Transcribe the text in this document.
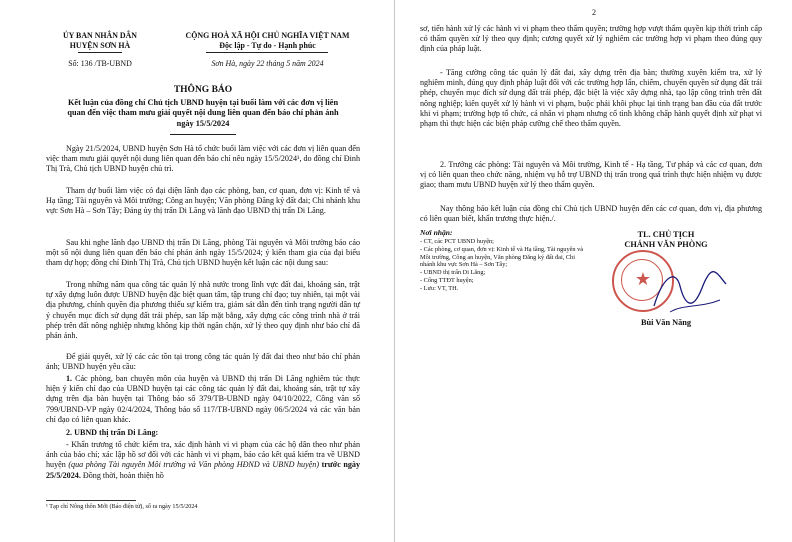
ỦY BAN NHÂN DÂN
HUYỆN SƠN HÀ
Số: 136 /TB-UBND
CỘNG HOÀ XÃ HỘI CHỦ NGHĨA VIỆT NAM
Độc lập - Tự do - Hạnh phúc
Sơn Hà, ngày 22 tháng 5 năm 2024
THÔNG BÁO
Kết luận của đồng chí Chủ tịch UBND huyện tại buổi làm với các đơn vị liên quan đến việc tham mưu giải quyết nội dung liên quan đến báo chí phản ánh ngày 15/5/2024
Ngày 21/5/2024, UBND huyện Sơn Hà tổ chức buổi làm việc với các đơn vị liên quan đến việc tham mưu giải quyết nội dung liên quan đến báo chí nêu ngày 15/5/2024¹, do đồng chí Đinh Thị Trà, Chủ tịch UBND huyện chủ trì.
Tham dự buổi làm việc có đại diện lãnh đạo các phòng, ban, cơ quan, đơn vị: Kinh tế và Hạ tầng; Tài nguyên và Môi trường; Công an huyện; Văn phòng Đăng ký đất đai; Chi nhánh khu vực Sơn Hà – Sơn Tây; Đảng ủy thị trấn Di Lăng và lãnh đạo UBND thị trấn Di Lăng.
Sau khi nghe lãnh đạo UBND thị trấn Di Lăng, phòng Tài nguyên và Môi trường báo cáo một số nội dung liên quan đến báo chí phản ánh ngày 15/5/2024; ý kiến tham gia của đại biểu tham dự họp; đồng chí Đinh Thị Trà, Chủ tịch UBND huyện kết luận các nội dung sau:
Trong những năm qua công tác quản lý nhà nước trong lĩnh vực đất đai, khoáng sản, trật tự xây dựng luôn được UBND huyện đặc biệt quan tâm, tập trung chỉ đạo; tuy nhiên, tại một vài địa phương, chính quyền địa phương thiếu sự kiểm tra, giám sát dẫn đến tình trạng người dân tự ý chuyển mục đích sử dụng đất trái phép, san lấp mặt bằng, xây dựng các công trình nhà ở trái phép trên đất nông nghiệp nhưng không kịp thời ngăn chặn, xử lý theo quy định như báo chí đã phản ánh.
Để giải quyết, xử lý các các tồn tại trong công tác quản lý đất đai theo như báo chí phản ánh; UBND huyện yêu cầu:
1. Các phòng, ban chuyên môn của huyện và UBND thị trấn Di Lăng nghiêm túc thực hiện ý kiến chỉ đạo của UBND huyện tại các công tác quản lý đất đai, khoáng sản, trật tự xây dựng trên địa bàn huyện tại Thông báo số 379/TB-UBND ngày 04/10/2022, Công văn số 799/UBND-VP ngày 02/4/2024, Thông báo số 117/TB-UBND ngày 06/5/2024 và các văn bản chỉ đạo có liên quan khác.
2. UBND thị trấn Di Lăng:
- Khẩn trương tổ chức kiểm tra, xác định hành vi vi phạm của các hộ dân theo như phản ánh của báo chí; xác lập hồ sơ đối với các hành vi vi phạm, báo cáo kết quả kiểm tra về UBND huyện (qua phòng Tài nguyên Môi trường và Văn phòng HĐND và UBND huyện) trước ngày 25/5/2024. Đồng thời, hoàn thiện hồ
¹ Tạp chí Nông thôn Mới (Báo điện tử), số ra ngày 15/5/2024
2
sơ, tiến hành xử lý các hành vi vi phạm theo thẩm quyền; trường hợp vượt thẩm quyền kịp thời trình cấp có thẩm quyền xử lý theo quy định; cương quyết xử lý nghiêm các trường hợp vi phạm theo đúng quy định của pháp luật.
- Tăng cường công tác quản lý đất đai, xây dựng trên địa bàn; thường xuyên kiểm tra, xử lý nghiêm minh, đúng quy định pháp luật đối với các trường hợp lấn, chiếm, chuyển quyền sử dụng đất trái phép, chuyển mục đích sử dụng đất trái phép, đặc biệt là việc xây dựng nhà, tạo lập công trình trên đất nông nghiệp; kiên quyết xử lý hành vi vi phạm, buộc phải khôi phục lại tình trạng ban đầu của đất trước khi vi phạm; trường hợp tổ chức, cá nhân vi phạm nhưng cố tình không chấp hành quyết định xử phạt vi phạm thì thực hiện các biện pháp cưỡng chế theo thẩm quyền.
2. Trưởng các phòng: Tài nguyên và Môi trường, Kinh tế - Hạ tầng, Tư pháp và các cơ quan, đơn vị có liên quan theo chức năng, nhiệm vụ hỗ trợ UBND thị trấn trong quá trình thực hiện nhiệm vụ được giao; tham mưu UBND huyện xử lý theo thẩm quyền.
Nay thông báo kết luận của đồng chí Chủ tịch UBND huyện đến các cơ quan, đơn vị, địa phương có liên quan biết, khẩn trương thực hiện./.
Nơi nhận:
- CT, các PCT UBND huyện;
- Các phòng, cơ quan, đơn vị: Kinh tế và Hạ tầng, Tài nguyên và Môi trường, Công an huyện, Văn phòng Đăng ký đất đai, Chi nhánh khu vực Sơn Hà – Sơn Tây;
- UBND thị trấn Di Lăng;
- Cổng TTĐT huyện;
- Lưu: VT, TH.
TL. CHỦ TỊCH
CHÁNH VĂN PHÒNG
★
Bùi Văn Năng
